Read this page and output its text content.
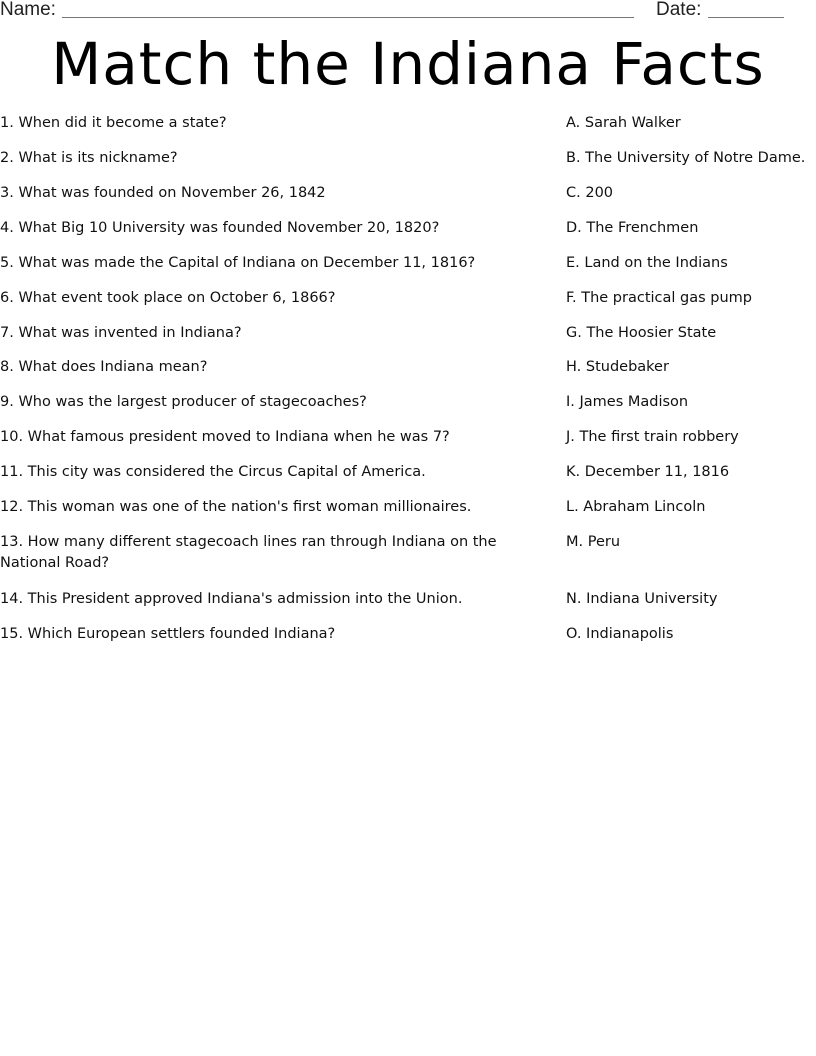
Name:	Date:
Match the Indiana Facts
1. When did it become a state?
2. What is its nickname?
3. What was founded on November 26, 1842
4. What Big 10 University was founded November 20, 1820?
5. What was made the Capital of Indiana on December 11, 1816?
6. What event took place on October 6, 1866?
7. What was invented in Indiana?
8. What does Indiana mean?
9. Who was the largest producer of stagecoaches?
10. What famous president moved to Indiana when he was 7?
11. This city was considered the Circus Capital of America.
12. This woman was one of the nation's first woman millionaires.
13. How many different stagecoach lines ran through Indiana on the National Road?
14. This President approved Indiana's admission into the Union.
15. Which European settlers founded Indiana?
A. Sarah Walker
B. The University of Notre Dame.
C. 200
D. The Frenchmen
E. Land on the Indians
F. The practical gas pump
G. The Hoosier State
H. Studebaker
I. James Madison
J. The first train robbery
K. December 11, 1816
L. Abraham Lincoln
M. Peru
N. Indiana University
O. Indianapolis
